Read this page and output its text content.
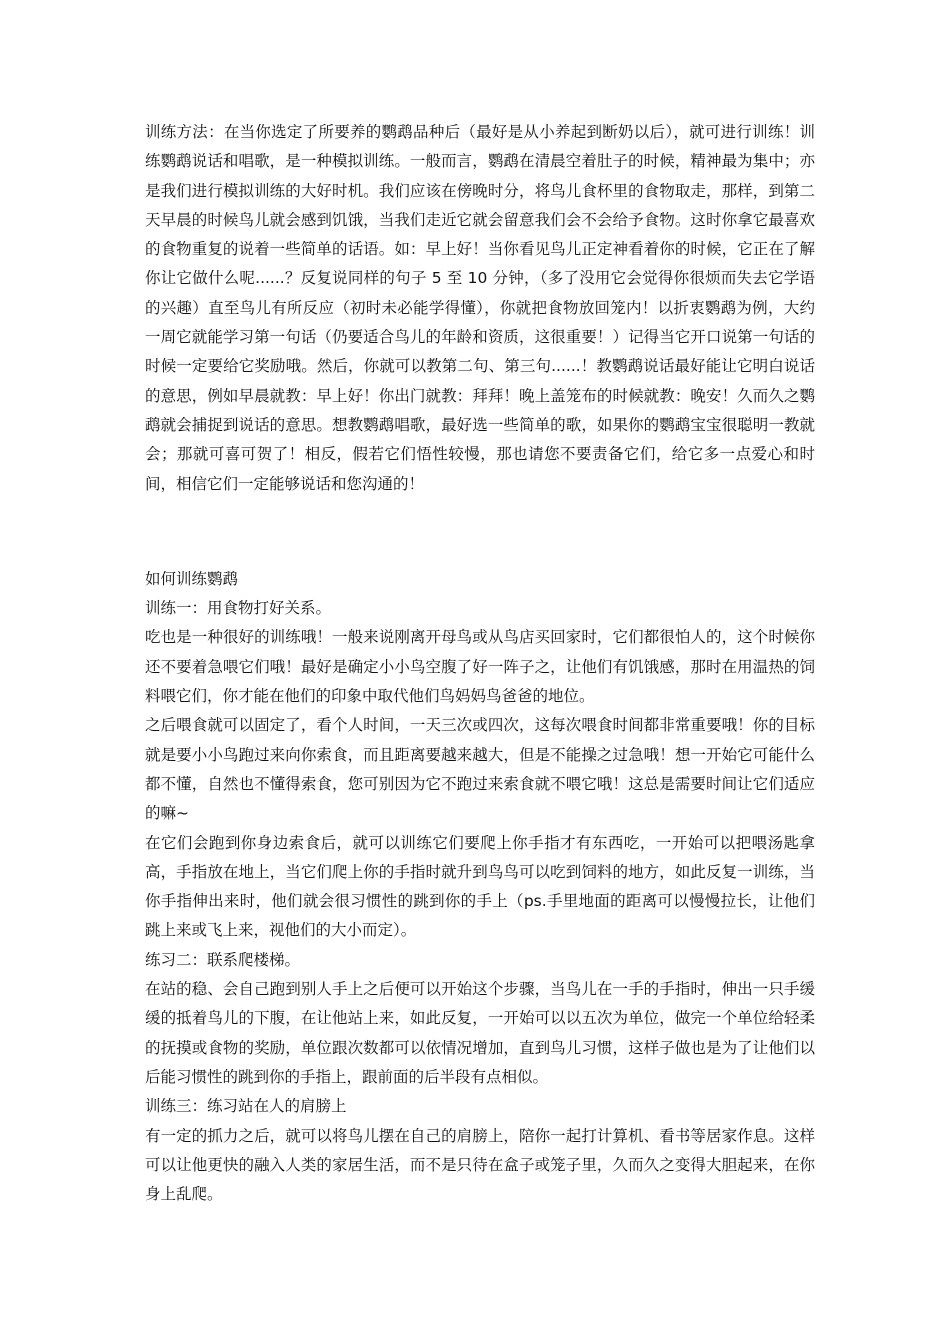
训练方法：在当你选定了所要养的鹦鹉品种后（最好是从小养起到断奶以后），就可进行训练！训练鹦鹉说话和唱歌，是一种模拟训练。一般而言，鹦鹉在清晨空着肚子的时候，精神最为集中；亦是我们进行模拟训练的大好时机。我们应该在傍晚时分，将鸟儿食杯里的食物取走，那样，到第二天早晨的时候鸟儿就会感到饥饿，当我们走近它就会留意我们会不会给予食物。这时你拿它最喜欢的食物重复的说着一些简单的话语。如：早上好！当你看见鸟儿正定神看着你的时候，它正在了解你让它做什么呢......？反复说同样的句子 5 至 10 分钟，（多了没用它会觉得你很烦而失去它学语的兴趣）直至鸟儿有所反应（初时未必能学得懂），你就把食物放回笼内！以折衷鹦鹉为例，大约一周它就能学习第一句话（仍要适合鸟儿的年龄和资质，这很重要！）记得当它开口说第一句话的时候一定要给它奖励哦。然后，你就可以教第二句、第三句......！教鹦鹉说话最好能让它明白说话的意思，例如早晨就教：早上好！你出门就教：拜拜！晚上盖笼布的时候就教：晚安！久而久之鹦鹉就会捕捉到说话的意思。想教鹦鹉唱歌，最好选一些简单的歌，如果你的鹦鹉宝宝很聪明一教就会；那就可喜可贺了！相反，假若它们悟性较慢，那也请您不要责备它们，给它多一点爱心和时间，相信它们一定能够说话和您沟通的！

如何训练鹦鹉

训练一：用食物打好关系。

吃也是一种很好的训练哦！一般来说刚离开母鸟或从鸟店买回家时，它们都很怕人的，这个时候你还不要着急喂它们哦！最好是确定小小鸟空腹了好一阵子之，让他们有饥饿感，那时在用温热的饲料喂它们，你才能在他们的印象中取代他们鸟妈妈鸟爸爸的地位。

之后喂食就可以固定了，看个人时间，一天三次或四次，这每次喂食时间都非常重要哦！你的目标就是要小小鸟跑过来向你索食，而且距离要越来越大，但是不能操之过急哦！想一开始它可能什么都不懂，自然也不懂得索食，您可别因为它不跑过来索食就不喂它哦！这总是需要时间让它们适应的嘛~

在它们会跑到你身边索食后，就可以训练它们要爬上你手指才有东西吃，一开始可以把喂汤匙拿高，手指放在地上，当它们爬上你的手指时就升到鸟鸟可以吃到饲料的地方，如此反复一训练，当你手指伸出来时，他们就会很习惯性的跳到你的手上（ps.手里地面的距离可以慢慢拉长，让他们跳上来或飞上来，视他们的大小而定）。

练习二：联系爬楼梯。

在站的稳、会自己跑到别人手上之后便可以开始这个步骤，当鸟儿在一手的手指时，伸出一只手缓缓的抵着鸟儿的下腹，在让他站上来，如此反复，一开始可以以五次为单位，做完一个单位给轻柔的抚摸或食物的奖励，单位跟次数都可以依情况增加，直到鸟儿习惯，这样子做也是为了让他们以后能习惯性的跳到你的手指上，跟前面的后半段有点相似。

训练三：练习站在人的肩膀上

有一定的抓力之后，就可以将鸟儿摆在自己的肩膀上，陪你一起打计算机、看书等居家作息。这样可以让他更快的融入人类的家居生活，而不是只待在盒子或笼子里，久而久之变得大胆起来，在你身上乱爬。
